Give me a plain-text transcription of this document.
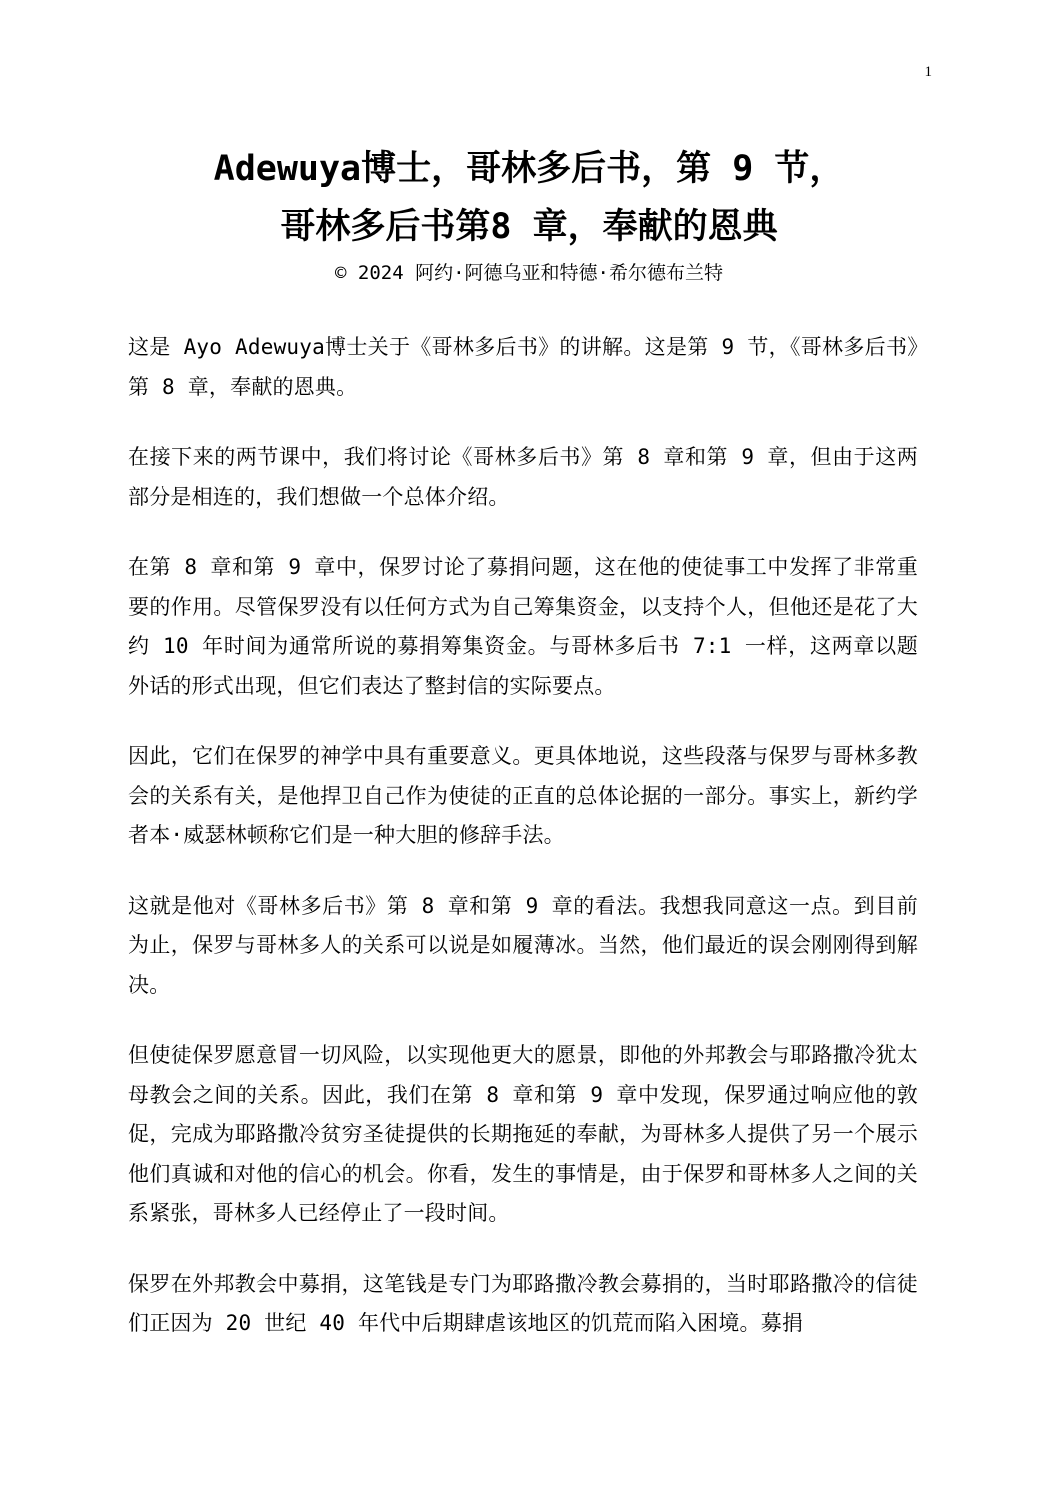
1
Adewuya博士，哥林多后书，第 9 节，
哥林多后书第8 章，奉献的恩典
© 2024 阿约·阿德乌亚和特德·希尔德布兰特

这是 Ayo Adewuya博士关于《哥林多后书》的讲解。这是第 9 节，《哥林多后书》第 8 章，奉献的恩典。

在接下来的两节课中，我们将讨论《哥林多后书》第 8 章和第 9 章，但由于这两部分是相连的，我们想做一个总体介绍。

在第 8 章和第 9 章中，保罗讨论了募捐问题，这在他的使徒事工中发挥了非常重要的作用。尽管保罗没有以任何方式为自己筹集资金，以支持个人，但他还是花了大约 10 年时间为通常所说的募捐筹集资金。与哥林多后书 7:1 一样，这两章以题外话的形式出现，但它们表达了整封信的实际要点。

因此，它们在保罗的神学中具有重要意义。更具体地说，这些段落与保罗与哥林多教会的关系有关，是他捍卫自己作为使徒的正直的总体论据的一部分。事实上，新约学者本·威瑟林顿称它们是一种大胆的修辞手法。

这就是他对《哥林多后书》第 8 章和第 9 章的看法。我想我同意这一点。到目前为止，保罗与哥林多人的关系可以说是如履薄冰。当然，他们最近的误会刚刚得到解决。

但使徒保罗愿意冒一切风险，以实现他更大的愿景，即他的外邦教会与耶路撒冷犹太母教会之间的关系。因此，我们在第 8 章和第 9 章中发现，保罗通过响应他的敦促，完成为耶路撒冷贫穷圣徒提供的长期拖延的奉献，为哥林多人提供了另一个展示他们真诚和对他的信心的机会。你看，发生的事情是，由于保罗和哥林多人之间的关系紧张，哥林多人已经停止了一段时间。

保罗在外邦教会中募捐，这笔钱是专门为耶路撒冷教会募捐的，当时耶路撒冷的信徒们正因为 20 世纪 40 年代中后期肆虐该地区的饥荒而陷入困境。募捐
